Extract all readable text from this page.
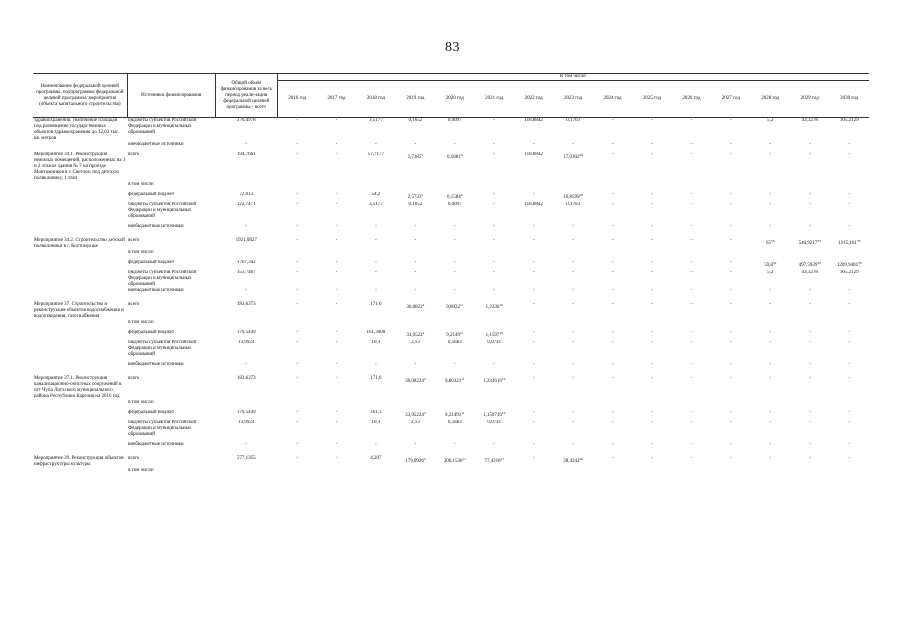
83
Наименование федеральной целевой программы, подпрограммы федеральной целевой программы, мероприятия (объекта капитального строительства)	Источники финансирования	Общий объем финансирования за весь период реали-зации федеральной целевой программы - всего	В том числе:														
			2016 год	2017 год	2018 год	2019 год	2020 год	2021 год	2022 год	2023 год	2024 год	2025 год	2026 год	2027 год	2028 год	2029 год	2030 год
здравоохранения, увеличение площади под размещение государственных объектов здравоохранения до 12,03 тыс. кв. метров	бюджеты субъектов Российской Федерации и муниципальных образований	276,4978	-	-	3,5177	0,1652	0,0097	-	118,8842	0,1703	-	-	-	-	5,2	43,3278	105,2129
	внебюджетные источники	-	-	-	-	-	-	-	-	-	-	-	-	-	-	-	-
Мероприятие 34.1. Реконструкция нежилых помещений, расположенных на 1 и 2 этажах здания № 7 на проезде Монтажников в г. Светлое, под детскую поликлинику, 1 этап	всего	194,7661	-	-	57,7177	2,7385$^5$	0,1681$^6$	-	118,8842	17,0302$^{28}$	-	-	-	-	-	-	-
	в том числе:																
	федеральный бюджет	72,013	-	-	54,2	2,5733$^5$	0,1584$^6$	-	-	16,8599$^{28}$	-	-	-	-	-	-	-
	бюджеты субъектов Российской Федерации и муниципальных образований	122,7471	-	-	3,5177	0,1652	0,0097	-	118,8842	0,1703	-	-	-	-	-	-	-
	внебюджетные источники	-	-	-	-	-	-	-	-	-	-	-	-	-	-	-	-
Мероприятие 34.2. Строительство детской поликлиники в г. Костомукше	всего	1921,0827	-	-	-	-	-	-	-	-	-	-	-	-	$65^{33}$	540,9217$^{32}$	1315,161$^{33}$
	в том числе:																
	федеральный бюджет	1767,342	-	-	-	-	-	-	-	-	-	-	-	-	59,8$^{32}$	497,5939$^{32}$	1209,9481$^{33}$
	бюджеты субъектов Российской Федерации и муниципальных образований	153,7407	-	-	-	-	-	-	-	-	-	-	-	-	5,2	43,3278	105,2129
	внебюджетные источники	-	-	-	-	-	-	-	-	-	-	-	-	-	-	-	-
Мероприятие 37. Строительство и реконструкция объектов водоснабжения и водоотведения, газоснабжения	всего	183,6373	-	-	171,6	36,0822$^4$	9,8032$^{11}$	1,2336$^{16}$	-	-	-	-	-	-	-	-	-
	в том числе:																
	федеральный бюджет	170,5449	-	-	161,3000	33,9522$^4$	9,2149$^{11}$	1,1597$^{16}$	-	-	-	-	-	-	-	-	-
	бюджеты субъектов Российской Федерации и муниципальных образований	13,0924	-	-	10,3	2,13	0,5883	0,0741	-	-	-	-	-	-	-	-	-
	внебюджетные источники	-	-	-	-	-	-	-	-	-	-	-	-	-	-	-	-
Мероприятие 37.1. Реконструкция канализационно-очистных сооружений в пгт Чупа Лоухского муниципального района Республики Карелия на 2016 год	всего	183,6373	-	-	171,6	36,08224$^4$	9,80321$^{11}$	1,233616$^{16}$	-	-	-	-	-	-	-	-	-
	в том числе:																
	федеральный бюджет	170,5449	-	-	161,3	33,95224$^4$	9,21491$^{11}$	1,159716$^{16}$	-	-	-	-	-	-	-	-	-
	бюджеты субъектов Российской Федерации и муниципальных образований	13,0924	-	-	10,3	2,13	0,5883	0,0741	-	-	-	-	-	-	-	-	-
	внебюджетные источники	-	-	-	-	-	-	-	-	-	-	-	-	-	-	-	-
Мероприятие 39. Реконструкция объектов инфраструктуры культуры	всего	577,1355	-	-	4,207	179,0926$^5$	306,1536$^{11}$	77,4218$^{17}$	-	28,4342$^{28}$	-	-	-	-	-	-	-
	в том числе:																
